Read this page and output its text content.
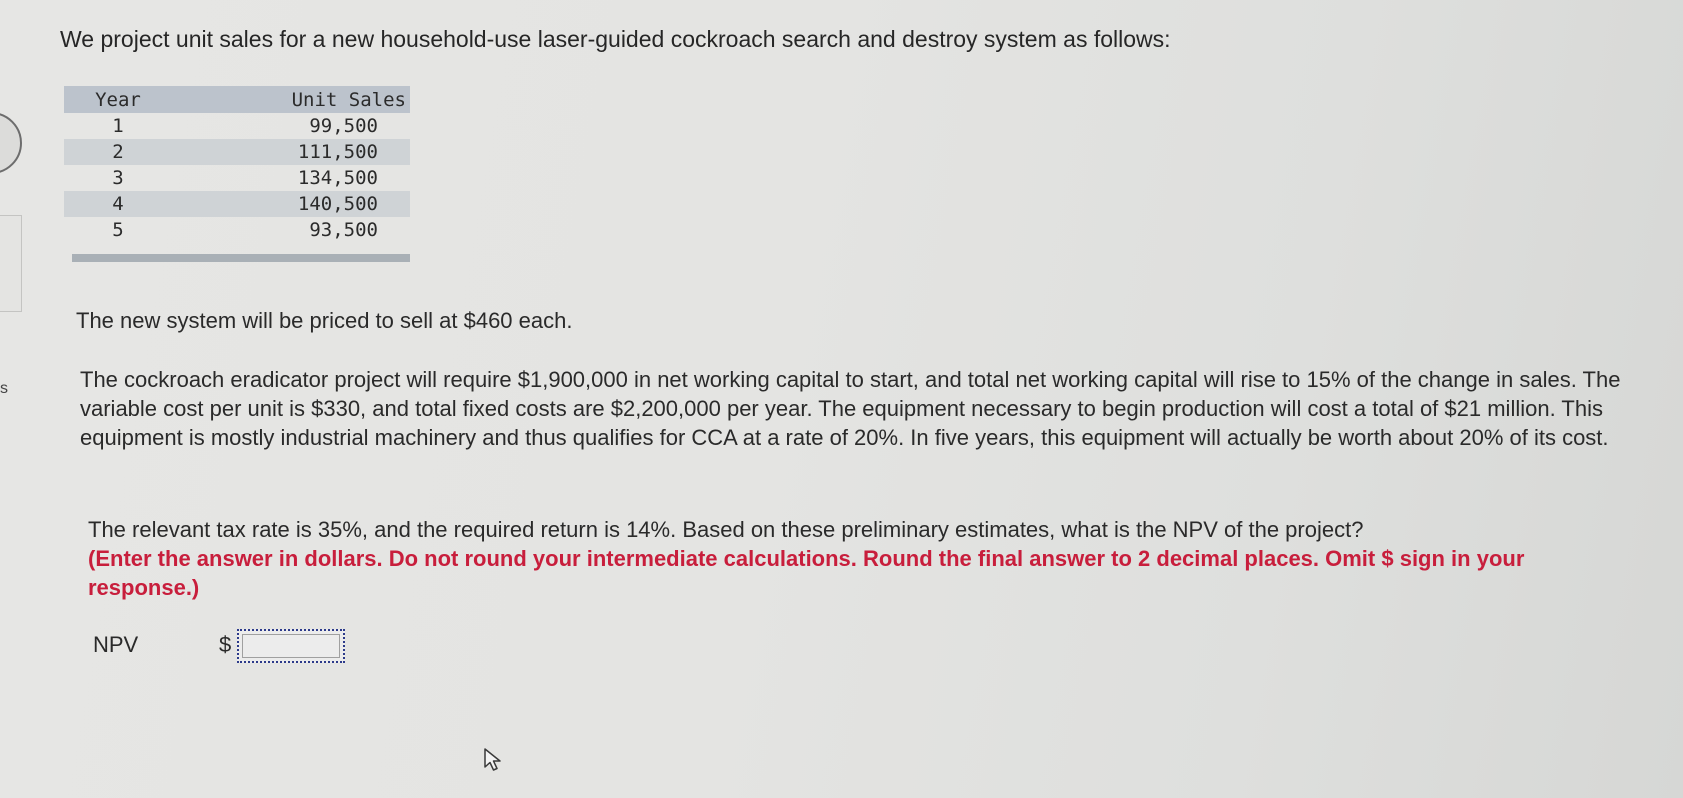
s
We project unit sales for a new household-use laser-guided cockroach search and destroy system as follows:
Year	Unit Sales
1	99,500
2	111,500
3	134,500
4	140,500
5	93,500
The new system will be priced to sell at $460 each.
The cockroach eradicator project will require $1,900,000 in net working capital to start, and total net working capital will rise to 15% of the change in sales. The variable cost per unit is $330, and total fixed costs are $2,200,000 per year. The equipment necessary to begin production will cost a total of $21 million. This equipment is mostly industrial machinery and thus qualifies for CCA at a rate of 20%. In five years, this equipment will actually be worth about 20% of its cost.
The relevant tax rate is 35%, and the required return is 14%. Based on these preliminary estimates, what is the NPV of the project?
(Enter the answer in dollars. Do not round your intermediate calculations. Round the final answer to 2 decimal places. Omit $ sign in your response.)
NPV	$
